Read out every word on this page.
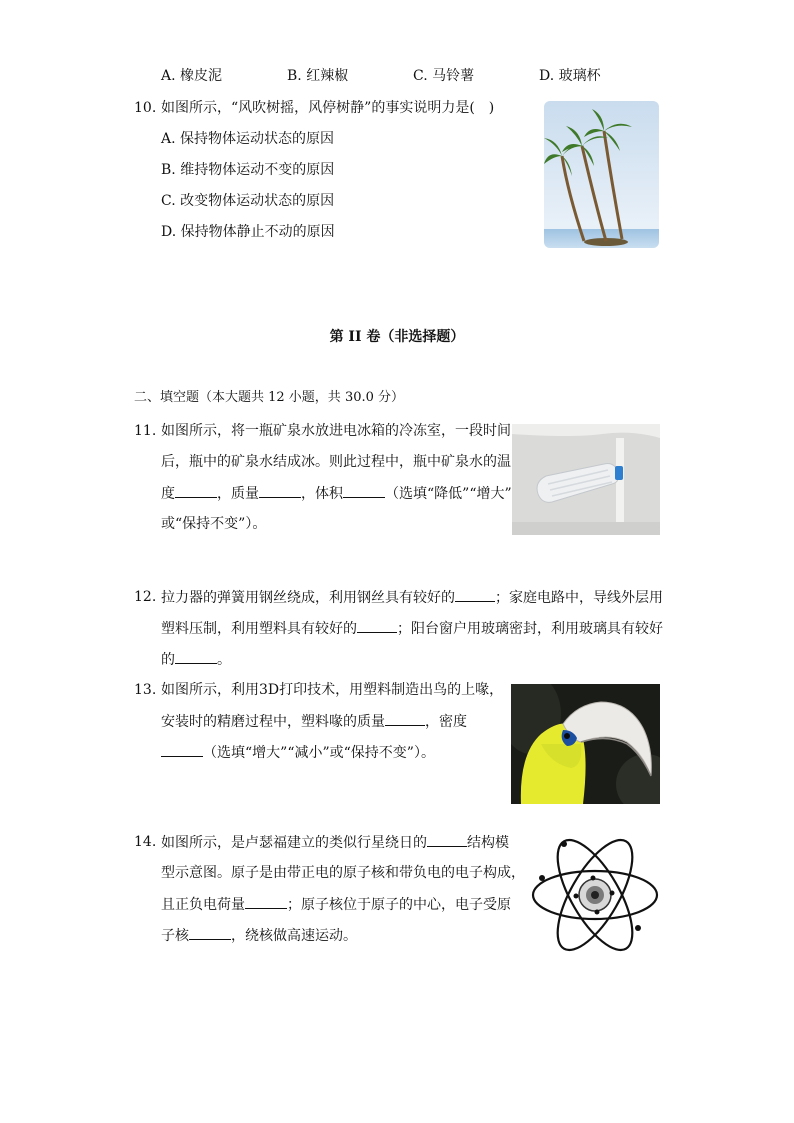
A. 橡皮泥	B. 红辣椒	C. 马铃薯	D. 玻璃杯
10. 如图所示，“风吹树摇，风停树静”的事实说明力是(　)
A. 保持物体运动状态的原因
B. 维持物体运动不变的原因
C. 改变物体运动状态的原因
D. 保持物体静止不动的原因
第 II 卷（非选择题）
二、填空题（本大题共 12 小题，共 30.0 分）
11. 如图所示，将一瓶矿泉水放进电冰箱的冷冻室，一段时间
后，瓶中的矿泉水结成冰。则此过程中，瓶中矿泉水的温
度	，质量	，体积	（选填“降低”“增大”
或“保持不变”）。
12. 拉力器的弹簧用钢丝绕成，利用钢丝具有较好的	；家庭电路中，导线外层用
塑料压制，利用塑料具有较好的	；阳台窗户用玻璃密封，利用玻璃具有较好
的	。
13. 如图所示，利用3D打印技术，用塑料制造出鸟的上喙，
安装时的精磨过程中，塑料喙的质量	，密度
（选填“增大”“减小”或“保持不变”）。
14. 如图所示，是卢瑟福建立的类似行星绕日的	结构模
型示意图。原子是由带正电的原子核和带负电的电子构成，
且正负电荷量	；原子核位于原子的中心，电子受原
子核	，绕核做高速运动。
